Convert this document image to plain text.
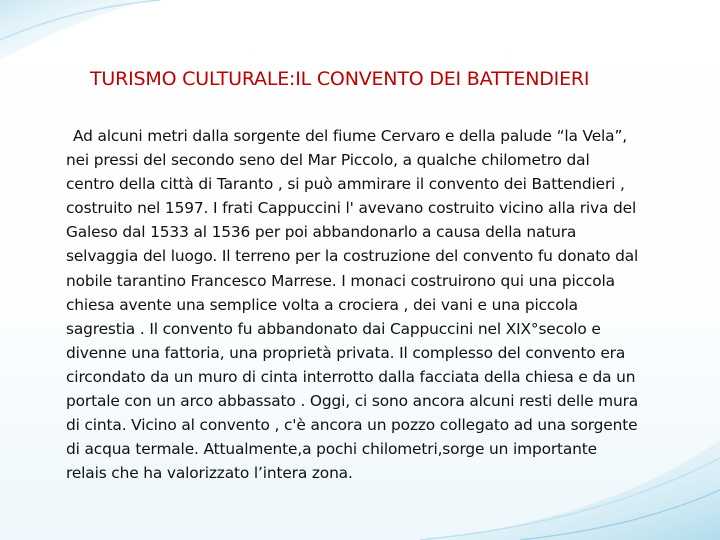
TURISMO CULTURALE:IL CONVENTO DEI BATTENDIERI
Ad alcuni metri dalla sorgente del fiume Cervaro e della palude “la Vela”,
nei pressi del secondo seno del Mar Piccolo, a qualche chilometro dal
centro della città di Taranto , si può ammirare il convento dei Battendieri ,
costruito nel 1597. I frati Cappuccini l' avevano costruito vicino alla riva del
Galeso dal 1533 al 1536 per poi abbandonarlo a causa della natura
selvaggia del luogo. Il terreno per la costruzione del convento fu donato dal
nobile tarantino Francesco Marrese. I monaci costruirono qui una piccola
chiesa avente una semplice volta a crociera , dei vani e una piccola
sagrestia . Il convento fu abbandonato dai Cappuccini nel XIX°secolo e
divenne una fattoria, una proprietà privata. Il complesso del convento era
circondato da un muro di cinta interrotto dalla facciata della chiesa e da un
portale con un arco abbassato . Oggi, ci sono ancora alcuni resti delle mura
di cinta. Vicino al convento , c'è ancora un pozzo collegato ad una sorgente
di acqua termale. Attualmente,a pochi chilometri,sorge un importante
relais che ha valorizzato l’intera zona.
